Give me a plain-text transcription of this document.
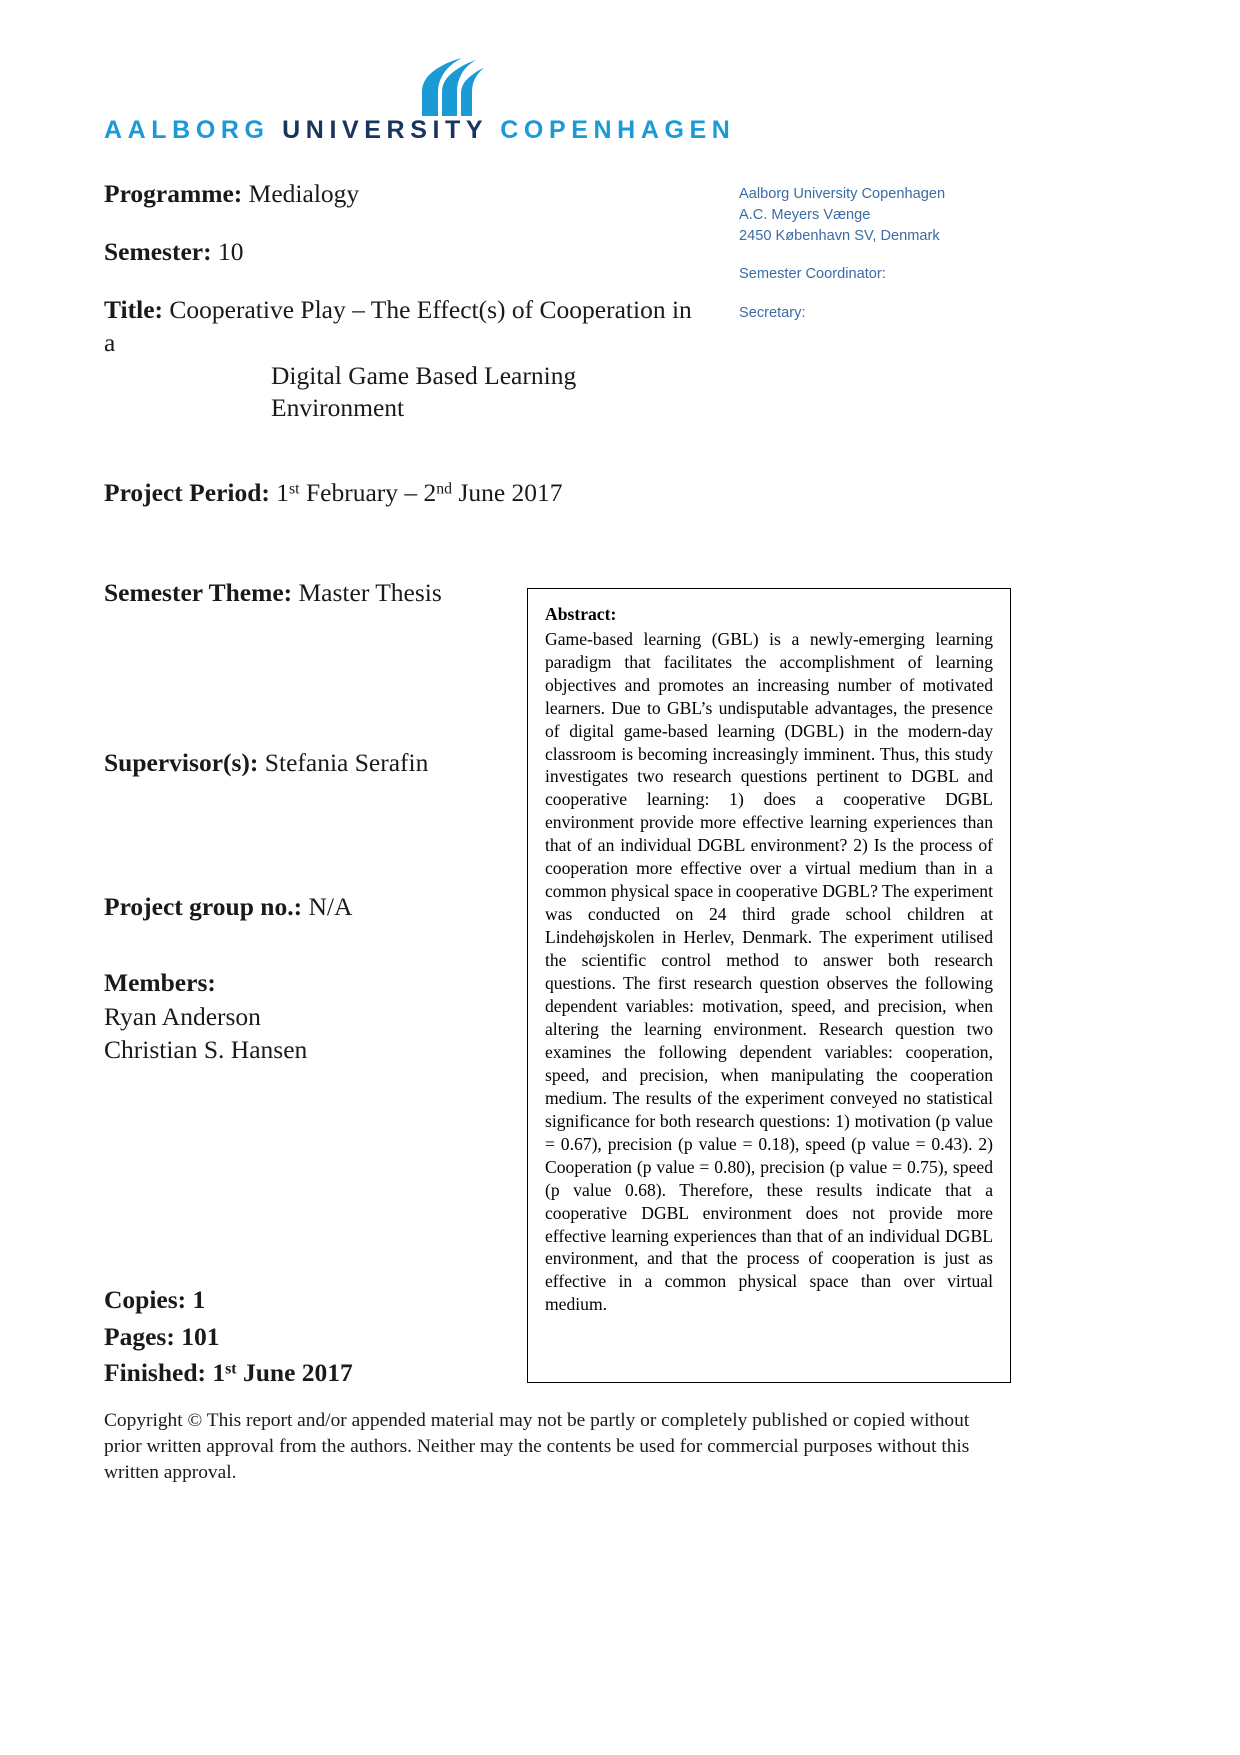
AALBORG UNIVERSITY COPENHAGEN
Programme: Medialogy
Semester: 10
Title: Cooperative Play – The Effect(s) of Cooperation in a
Digital Game Based Learning
Environment
Project Period: 1st February – 2nd June 2017
Semester Theme: Master Thesis
Supervisor(s): Stefania Serafin
Project group no.: N/A
Members:
Ryan Anderson
Christian S. Hansen
Aalborg University Copenhagen
A.C. Meyers Vænge
2450 København SV, Denmark
Semester Coordinator:
Secretary:
Abstract:
Game-based learning (GBL) is a newly-emerging learning paradigm that facilitates the accomplishment of learning objectives and promotes an increasing number of motivated learners. Due to GBL’s undisputable advantages, the presence of digital game-based learning (DGBL) in the modern-day classroom is becoming increasingly imminent. Thus, this study investigates two research questions pertinent to DGBL and cooperative learning: 1) does a cooperative DGBL environment provide more effective learning experiences than that of an individual DGBL environment? 2) Is the process of cooperation more effective over a virtual medium than in a common physical space in cooperative DGBL? The experiment was conducted on 24 third grade school children at Lindehøjskolen in Herlev, Denmark. The experiment utilised the scientific control method to answer both research questions. The first research question observes the following dependent variables: motivation, speed, and precision, when altering the learning environment. Research question two examines the following dependent variables: cooperation, speed, and precision, when manipulating the cooperation medium. The results of the experiment conveyed no statistical significance for both research questions: 1) motivation (p value = 0.67), precision (p value = 0.18), speed (p value = 0.43). 2) Cooperation (p value = 0.80), precision (p value = 0.75), speed (p value 0.68). Therefore, these results indicate that a cooperative DGBL environment does not provide more effective learning experiences than that of an individual DGBL environment, and that the process of cooperation is just as effective in a common physical space than over virtual medium.
Copies: 1
Pages: 101
Finished: 1st June 2017
Copyright © This report and/or appended material may not be partly or completely published or copied without prior written approval from the authors. Neither may the contents be used for commercial purposes without this written approval.
